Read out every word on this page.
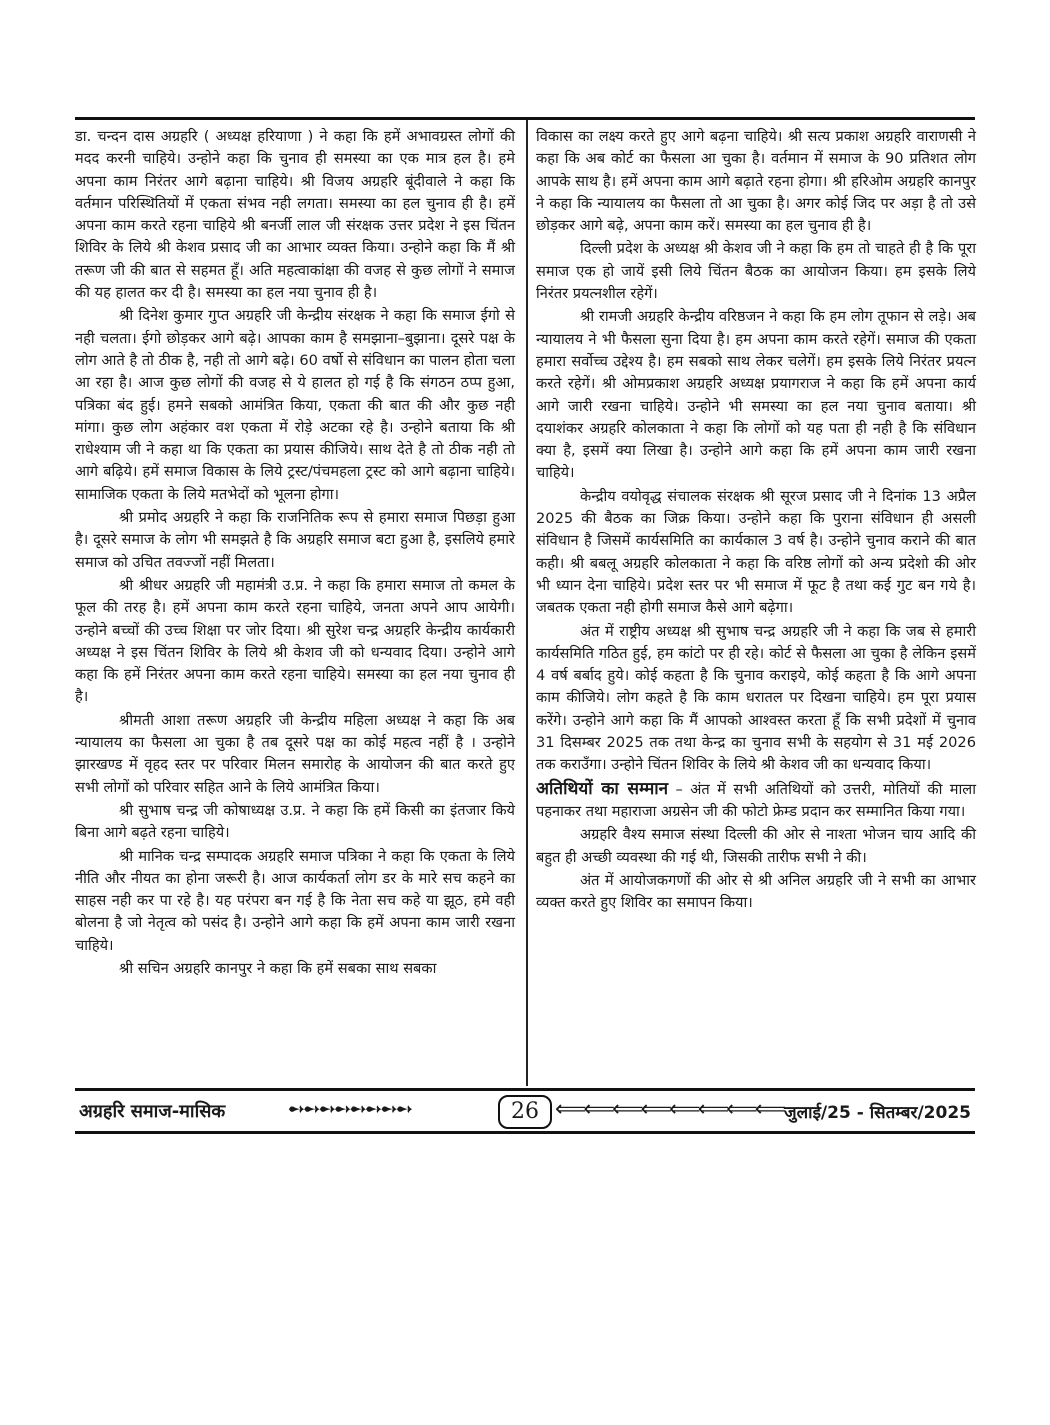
डा. चन्दन दास अग्रहरि ( अध्यक्ष हरियाणा ) ने कहा कि हमें अभावग्रस्त लोगों की मदद करनी चाहिये। उन्होने कहा कि चुनाव ही समस्या का एक मात्र हल है। हमे अपना काम निरंतर आगे बढ़ाना चाहिये। श्री विजय अग्रहरि बूंदीवाले ने कहा कि वर्तमान परिस्थितियों में एकता संभव नही लगता। समस्या का हल चुनाव ही है। हमें अपना काम करते रहना चाहिये श्री बनर्जी लाल जी संरक्षक उत्तर प्रदेश ने इस चिंतन शिविर के लिये श्री केशव प्रसाद जी का आभार व्यक्त किया। उन्होने कहा कि मैं श्री तरूण जी की बात से सहमत हूँ। अति महत्वाकांक्षा की वजह से कुछ लोगों ने समाज की यह हालत कर दी है। समस्या का हल नया चुनाव ही है।

श्री दिनेश कुमार गुप्त अग्रहरि जी केन्द्रीय संरक्षक ने कहा कि समाज ईगो से नही चलता। ईगो छोड़कर आगे बढ़े। आपका काम है समझाना–बुझाना। दूसरे पक्ष के लोग आते है तो ठीक है, नही तो आगे बढ़े। 60 वर्षो से संविधान का पालन होता चला आ रहा है। आज कुछ लोगों की वजह से ये हालत हो गई है कि संगठन ठप्प हुआ, पत्रिका बंद हुई। हमने सबको आमंत्रित किया, एकता की बात की और कुछ नही मांगा। कुछ लोग अहंकार वश एकता में रोड़े अटका रहे है। उन्होने बताया कि श्री राधेश्याम जी ने कहा था कि एकता का प्रयास कीजिये। साथ देते है तो ठीक नही तो आगे बढ़िये। हमें समाज विकास के लिये ट्रस्ट/पंचमहला ट्रस्ट को आगे बढ़ाना चाहिये। सामाजिक एकता के लिये मतभेदों को भूलना होगा।

श्री प्रमोद अग्रहरि ने कहा कि राजनितिक रूप से हमारा समाज पिछड़ा हुआ है। दूसरे समाज के लोग भी समझते है कि अग्रहरि समाज बटा हुआ है, इसलिये हमारे समाज को उचित तवज्जों नहीं मिलता।

श्री श्रीधर अग्रहरि जी महामंत्री उ.प्र. ने कहा कि हमारा समाज तो कमल के फूल की तरह है। हमें अपना काम करते रहना चाहिये, जनता अपने आप आयेगी। उन्होने बच्चों की उच्च शिक्षा पर जोर दिया। श्री सुरेश चन्द्र अग्रहरि केन्द्रीय कार्यकारी अध्यक्ष ने इस चिंतन शिविर के लिये श्री केशव जी को धन्यवाद दिया। उन्होने आगे कहा कि हमें निरंतर अपना काम करते रहना चाहिये। समस्या का हल नया चुनाव ही है।

श्रीमती आशा तरूण अग्रहरि जी केन्द्रीय महिला अध्यक्ष ने कहा कि अब न्यायालय का फैसला आ चुका है तब दूसरे पक्ष का कोई महत्व नहीं है । उन्होने झारखण्ड में वृहद स्तर पर परिवार मिलन समारोह के आयोजन की बात करते हुए सभी लोगों को परिवार सहित आने के लिये आमंत्रित किया।

श्री सुभाष चन्द्र जी कोषाध्यक्ष उ.प्र. ने कहा कि हमें किसी का इंतजार किये बिना आगे बढ़ते रहना चाहिये।

श्री मानिक चन्द्र सम्पादक अग्रहरि समाज पत्रिका ने कहा कि एकता के लिये नीति और नीयत का होना जरूरी है। आज कार्यकर्ता लोग डर के मारे सच कहने का साहस नही कर पा रहे है। यह परंपरा बन गई है कि नेता सच कहे या झूठ, हमे वही बोलना है जो नेतृत्व को पसंद है। उन्होने आगे कहा कि हमें अपना काम जारी रखना चाहिये।

श्री सचिन अग्रहरि कानपुर ने कहा कि हमें सबका साथ सबका

विकास का लक्ष्य करते हुए आगे बढ़ना चाहिये। श्री सत्य प्रकाश अग्रहरि वाराणसी ने कहा कि अब कोर्ट का फैसला आ चुका है। वर्तमान में समाज के 90 प्रतिशत लोग आपके साथ है। हमें अपना काम आगे बढ़ाते रहना होगा। श्री हरिओम अग्रहरि कानपुर ने कहा कि न्यायालय का फैसला तो आ चुका है। अगर कोई जिद पर अड़ा है तो उसे छोड़कर आगे बढ़े, अपना काम करें। समस्या का हल चुनाव ही है।

दिल्ली प्रदेश के अध्यक्ष श्री केशव जी ने कहा कि हम तो चाहते ही है कि पूरा समाज एक हो जायें इसी लिये चिंतन बैठक का आयोजन किया। हम इसके लिये निरंतर प्रयत्नशील रहेगें।

श्री रामजी अग्रहरि केन्द्रीय वरिष्ठजन ने कहा कि हम लोग तूफान से लड़े। अब न्यायालय ने भी फैसला सुना दिया है। हम अपना काम करते रहेगें। समाज की एकता हमारा सर्वोच्च उद्देश्य है। हम सबको साथ लेकर चलेगें। हम इसके लिये निरंतर प्रयत्न करते रहेगें। श्री ओमप्रकाश अग्रहरि अध्यक्ष प्रयागराज ने कहा कि हमें अपना कार्य आगे जारी रखना चाहिये। उन्होने भी समस्या का हल नया चुनाव बताया। श्री दयाशंकर अग्रहरि कोलकाता ने कहा कि लोगों को यह पता ही नही है कि संविधान क्या है, इसमें क्या लिखा है। उन्होने आगे कहा कि हमें अपना काम जारी रखना चाहिये।

केन्द्रीय वयोवृद्ध संचालक संरक्षक श्री सूरज प्रसाद जी ने दिनांक 13 अप्रैल 2025 की बैठक का जिक्र किया। उन्होने कहा कि पुराना संविधान ही असली संविधान है जिसमें कार्यसमिति का कार्यकाल 3 वर्ष है। उन्होने चुनाव कराने की बात कही। श्री बबलू अग्रहरि कोलकाता ने कहा कि वरिष्ठ लोगों को अन्य प्रदेशो की ओर भी ध्यान देना चाहिये। प्रदेश स्तर पर भी समाज में फूट है तथा कई गुट बन गये है। जबतक एकता नही होगी समाज कैसे आगे बढ़ेगा।

अंत में राष्ट्रीय अध्यक्ष श्री सुभाष चन्द्र अग्रहरि जी ने कहा कि जब से हमारी कार्यसमिति गठित हुई, हम कांटो पर ही रहे। कोर्ट से फैसला आ चुका है लेकिन इसमें 4 वर्ष बर्बाद हुये। कोई कहता है कि चुनाव कराइये, कोई कहता है कि आगे अपना काम कीजिये। लोग कहते है कि काम धरातल पर दिखना चाहिये। हम पूरा प्रयास करेंगे। उन्होने आगे कहा कि मैं आपको आश्वस्त करता हूँ कि सभी प्रदेशों में चुनाव 31 दिसम्बर 2025 तक तथा केन्द्र का चुनाव सभी के सहयोग से 31 मई 2026 तक कराउँगा। उन्होने चिंतन शिविर के लिये श्री केशव जी का धन्यवाद किया।

अतिथियों का सम्मान – अंत में सभी अतिथियों को उत्तरी, मोतियों की माला पहनाकर तथा महाराजा अग्रसेन जी की फोटो फ्रेम्ड प्रदान कर सम्मानित किया गया।

अग्रहरि वैश्य समाज संस्था दिल्ली की ओर से नाश्ता भोजन चाय आदि की बहुत ही अच्छी व्यवस्था की गई थी, जिसकी तारीफ सभी ने की।

अंत में आयोजकगणों की ओर से श्री अनिल अग्रहरि जी ने सभी का आभार व्यक्त करते हुए शिविर का समापन किया।

अग्रहरि समाज-मासिक	➻➻➻➻➻➻➻➻	26 ⟸⟸⟸⟸⟸⟸⟸⟸ जुलाई/25 - सितम्बर/2025
